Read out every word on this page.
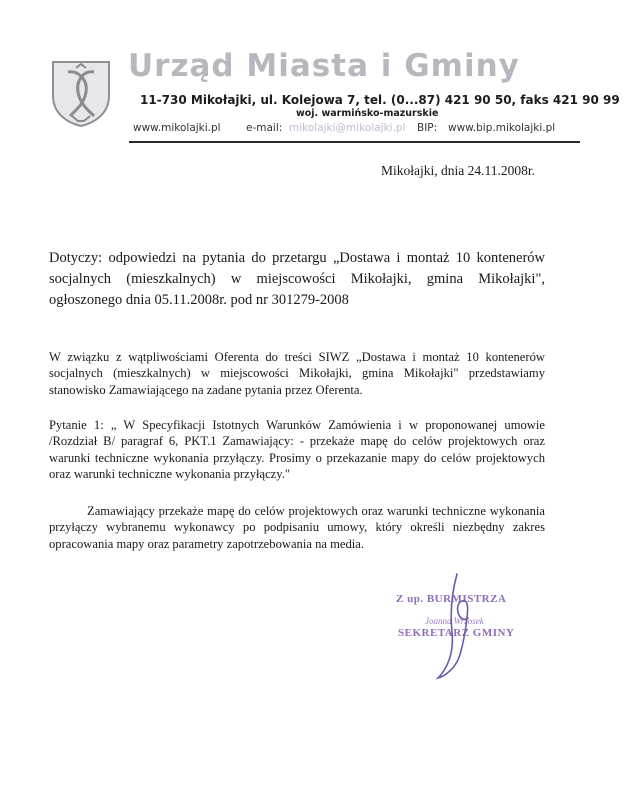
Urząd Miasta i Gminy
11-730 Mikołajki, ul. Kolejowa 7, tel. (0...87) 421 90 50, faks 421 90 99
woj. warmińsko-mazurskie
www.mikolajki.pl e-mail: mikolajki@mikolajki.pl BIP: www.bip.mikolajki.pl
Mikołajki, dnia 24.11.2008r.
Dotyczy: odpowiedzi na pytania do przetargu „Dostawa i montaż 10 kontenerów socjalnych (mieszkalnych) w miejscowości Mikołajki, gmina Mikołajki", ogłoszonego dnia 05.11.2008r. pod nr 301279-2008
W związku z wątpliwościami Oferenta do treści SIWZ „Dostawa i montaż 10 kontenerów socjalnych (mieszkalnych) w miejscowości Mikołajki, gmina Mikołajki" przedstawiamy stanowisko Zamawiającego na zadane pytania przez Oferenta.
Pytanie 1: „ W Specyfikacji Istotnych Warunków Zamówienia i w proponowanej umowie /Rozdział B/ paragraf 6, PKT.1 Zamawiający: - przekaże mapę do celów projektowych oraz warunki techniczne wykonania przyłączy. Prosimy o przekazanie mapy do celów projektowych oraz warunki techniczne wykonania przyłączy."
Zamawiający przekaże mapę do celów projektowych oraz warunki techniczne wykonania przyłączy wybranemu wykonawcy po podpisaniu umowy, który określi niezbędny zakres opracowania mapy oraz parametry zapotrzebowania na media.
Z up. BURMISTRZA
Joanna Wrzosek
SEKRETARZ GMINY
